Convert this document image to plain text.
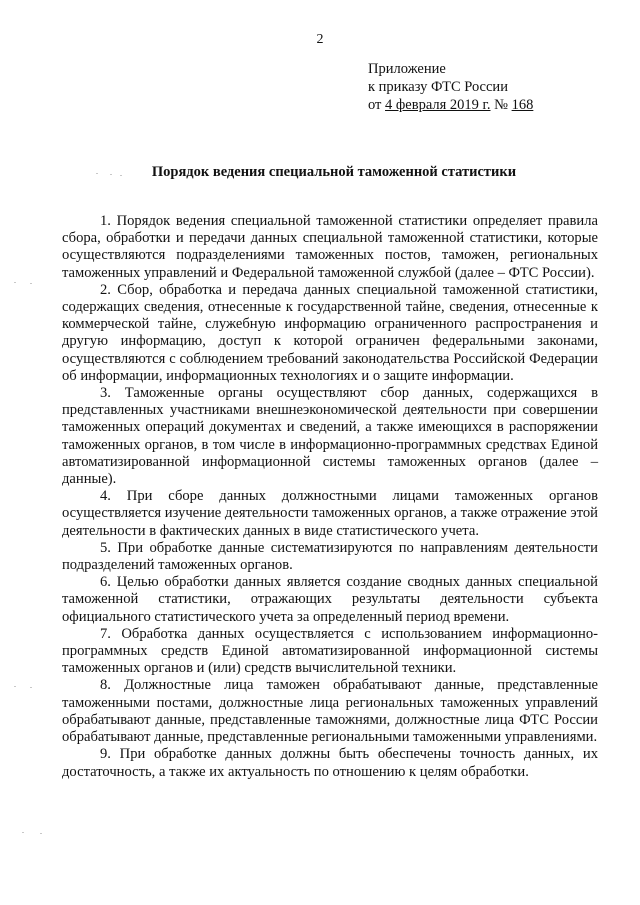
2
Приложение
к приказу ФТС России
от 4 февраля 2019 г. № 168
Порядок ведения специальной таможенной статистики

1. Порядок ведения специальной таможенной статистики определяет правила сбора, обработки и передачи данных специальной таможенной статистики, которые осуществляются подразделениями таможенных постов, таможен, региональных таможенных управлений и Федеральной таможенной службой (далее – ФТС России).

2. Сбор, обработка и передача данных специальной таможенной статистики, содержащих сведения, отнесенные к государственной тайне, сведения, отнесенные к коммерческой тайне, служебную информацию ограниченного распространения и другую информацию, доступ к которой ограничен федеральными законами, осуществляются с соблюдением требований законодательства Российской Федерации об информации, информационных технологиях и о защите информации.

3. Таможенные органы осуществляют сбор данных, содержащихся в представленных участниками внешнеэкономической деятельности при совершении таможенных операций документах и сведений, а также имеющихся в распоряжении таможенных органов, в том числе в информационно-программных средствах Единой автоматизированной информационной системы таможенных органов (далее – данные).

4. При сборе данных должностными лицами таможенных органов осуществляется изучение деятельности таможенных органов, а также отражение этой деятельности в фактических данных в виде статистического учета.

5. При обработке данные систематизируются по направлениям деятельности подразделений таможенных органов.

6. Целью обработки данных является создание сводных данных специальной таможенной статистики, отражающих результаты деятельности субъекта официального статистического учета за определенный период времени.

7. Обработка данных осуществляется с использованием информационно-программных средств Единой автоматизированной информационной системы таможенных органов и (или) средств вычислительной техники.

8. Должностные лица таможен обрабатывают данные, представленные таможенными постами, должностные лица региональных таможенных управлений обрабатывают данные, представленные таможнями, должностные лица ФТС России обрабатывают данные, представленные региональными таможенными управлениями.

9. При обработке данных должны быть обеспечены точность данных, их достаточность, а также их актуальность по отношению к целям обработки.
